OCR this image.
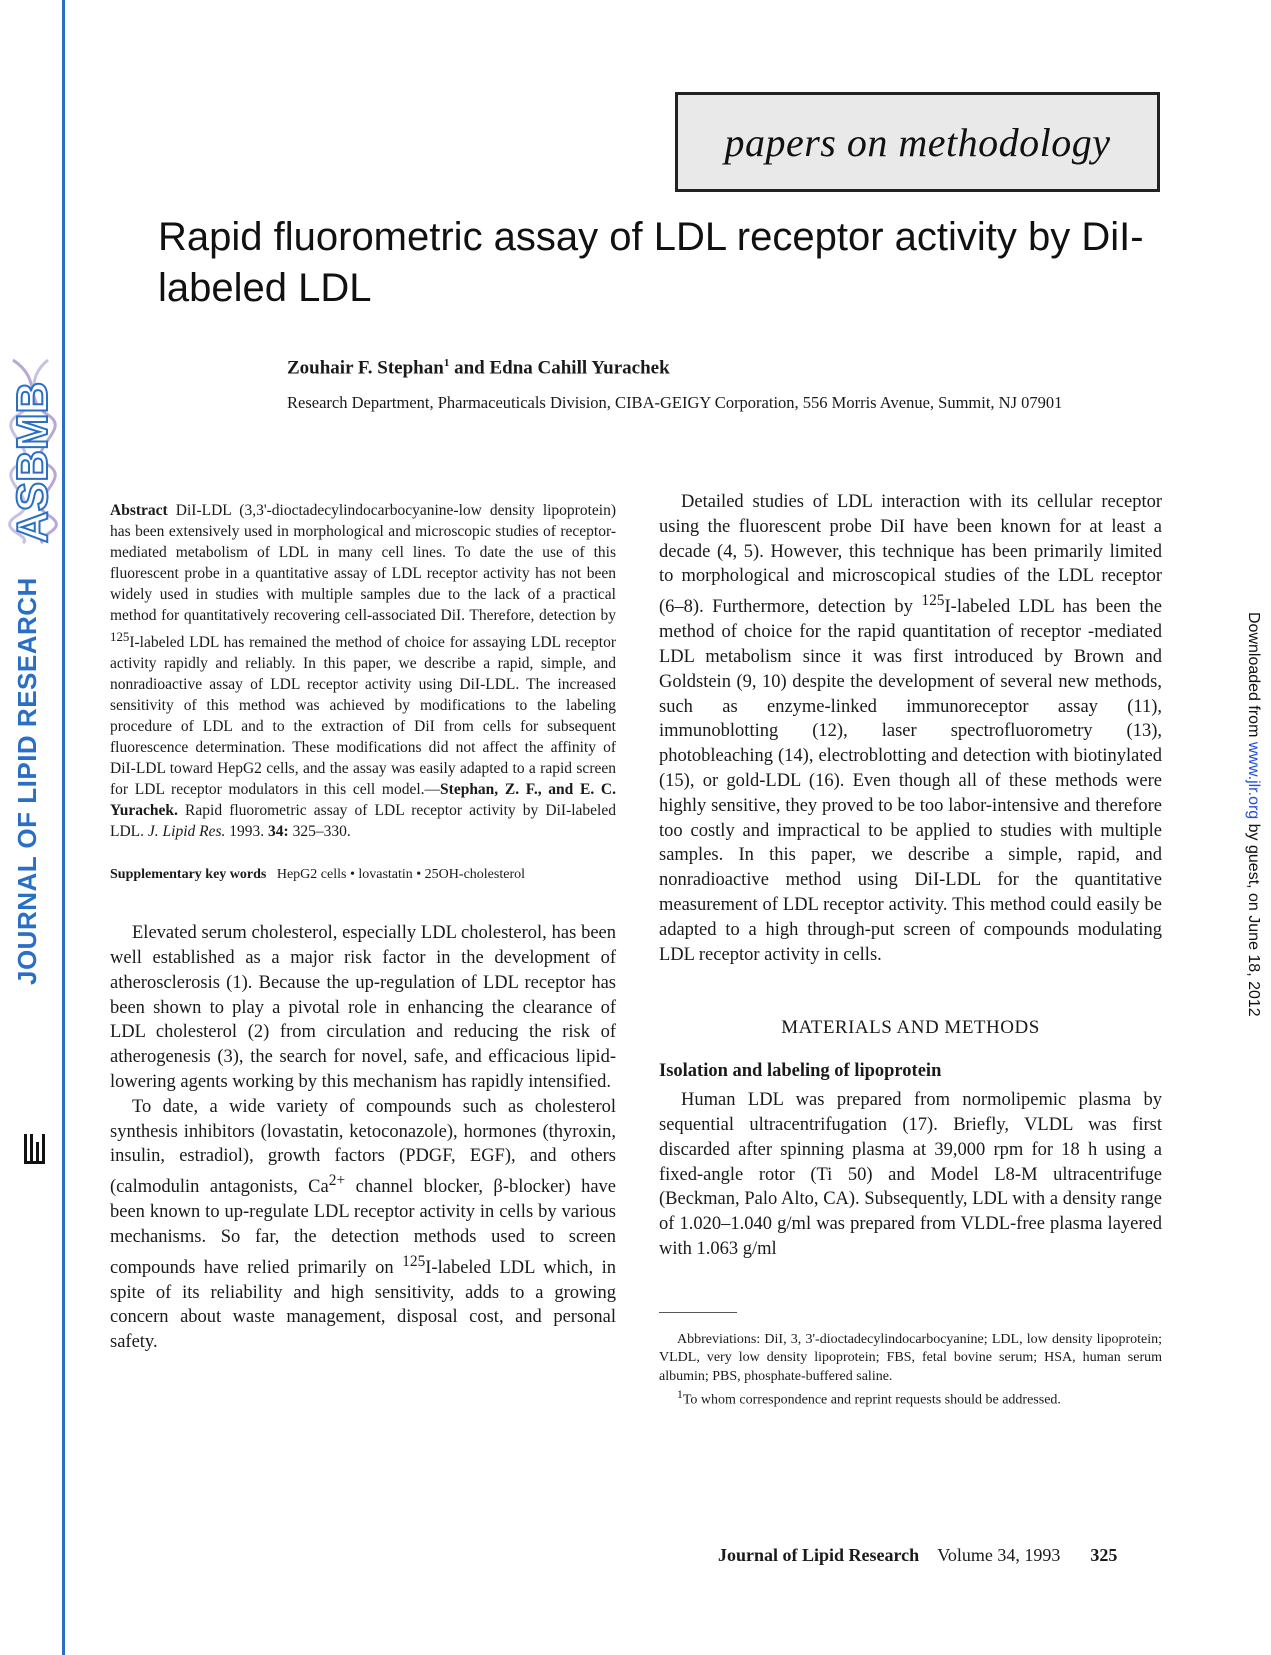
ASBMB
JOURNAL OF LIPID RESEARCH
papers on methodology
Rapid fluorometric assay of LDL receptor activity by DiI-labeled LDL
Zouhair F. Stephan$^1$ and Edna Cahill Yurachek
Research Department, Pharmaceuticals Division, CIBA-GEIGY Corporation, 556 Morris Avenue, Summit, NJ 07901

Abstract DiI-LDL (3,3'-dioctadecylindocarbocyanine-low density lipoprotein) has been extensively used in morphological and microscopic studies of receptor-mediated metabolism of LDL in many cell lines. To date the use of this fluorescent probe in a quantitative assay of LDL receptor activity has not been widely used in studies with multiple samples due to the lack of a practical method for quantitatively recovering cell-associated DiI. Therefore, detection by $^{125}$I-labeled LDL has remained the method of choice for assaying LDL receptor activity rapidly and reliably. In this paper, we describe a rapid, simple, and nonradioactive assay of LDL receptor activity using DiI-LDL. The increased sensitivity of this method was achieved by modifications to the labeling procedure of LDL and to the extraction of DiI from cells for subsequent fluorescence determination. These modifications did not affect the affinity of DiI-LDL toward HepG2 cells, and the assay was easily adapted to a rapid screen for LDL receptor modulators in this cell model.—Stephan, Z. F., and E. C. Yurachek. Rapid fluorometric assay of LDL receptor activity by DiI-labeled LDL. J. Lipid Res. 1993. 34: 325–330.

Supplementary key words HepG2 cells • lovastatin • 25OH-cholesterol

Elevated serum cholesterol, especially LDL cholesterol, has been well established as a major risk factor in the development of atherosclerosis (1). Because the up-regulation of LDL receptor has been shown to play a pivotal role in enhancing the clearance of LDL cholesterol (2) from circulation and reducing the risk of atherogenesis (3), the search for novel, safe, and efficacious lipid-lowering agents working by this mechanism has rapidly intensified.

To date, a wide variety of compounds such as cholesterol synthesis inhibitors (lovastatin, ketoconazole), hormones (thyroxin, insulin, estradiol), growth factors (PDGF, EGF), and others (calmodulin antagonists, $Ca^{2+}$ channel blocker, β-blocker) have been known to up-regulate LDL receptor activity in cells by various mechanisms. So far, the detection methods used to screen compounds have relied primarily on $^{125}$I-labeled LDL which, in spite of its reliability and high sensitivity, adds to a growing concern about waste management, disposal cost, and personal safety.

Detailed studies of LDL interaction with its cellular receptor using the fluorescent probe DiI have been known for at least a decade (4, 5). However, this technique has been primarily limited to morphological and microscopical studies of the LDL receptor (6–8). Furthermore, detection by $^{125}$I-labeled LDL has been the method of choice for the rapid quantitation of receptor -mediated LDL metabolism since it was first introduced by Brown and Goldstein (9, 10) despite the development of several new methods, such as enzyme-linked immunoreceptor assay (11), immunoblotting (12), laser spectrofluorometry (13), photobleaching (14), electroblotting and detection with biotinylated (15), or gold-LDL (16). Even though all of these methods were highly sensitive, they proved to be too labor-intensive and therefore too costly and impractical to be applied to studies with multiple samples. In this paper, we describe a simple, rapid, and nonradioactive method using DiI-LDL for the quantitative measurement of LDL receptor activity. This method could easily be adapted to a high through-put screen of compounds modulating LDL receptor activity in cells.

MATERIALS AND METHODS
Isolation and labeling of lipoprotein

Human LDL was prepared from normolipemic plasma by sequential ultracentrifugation (17). Briefly, VLDL was first discarded after spinning plasma at 39,000 rpm for 18 h using a fixed-angle rotor (Ti 50) and Model L8-M ultracentrifuge (Beckman, Palo Alto, CA). Subsequently, LDL with a density range of 1.020–1.040 g/ml was prepared from VLDL-free plasma layered with 1.063 g/ml

Abbreviations: DiI, 3, 3'-dioctadecylindocarbocyanine; LDL, low density lipoprotein; VLDL, very low density lipoprotein; FBS, fetal bovine serum; HSA, human serum albumin; PBS, phosphate-buffered saline.

$^1$To whom correspondence and reprint requests should be addressed.

Journal of Lipid Research Volume 34, 1993 325
Downloaded from www.jlr.org by guest, on June 18, 2012
